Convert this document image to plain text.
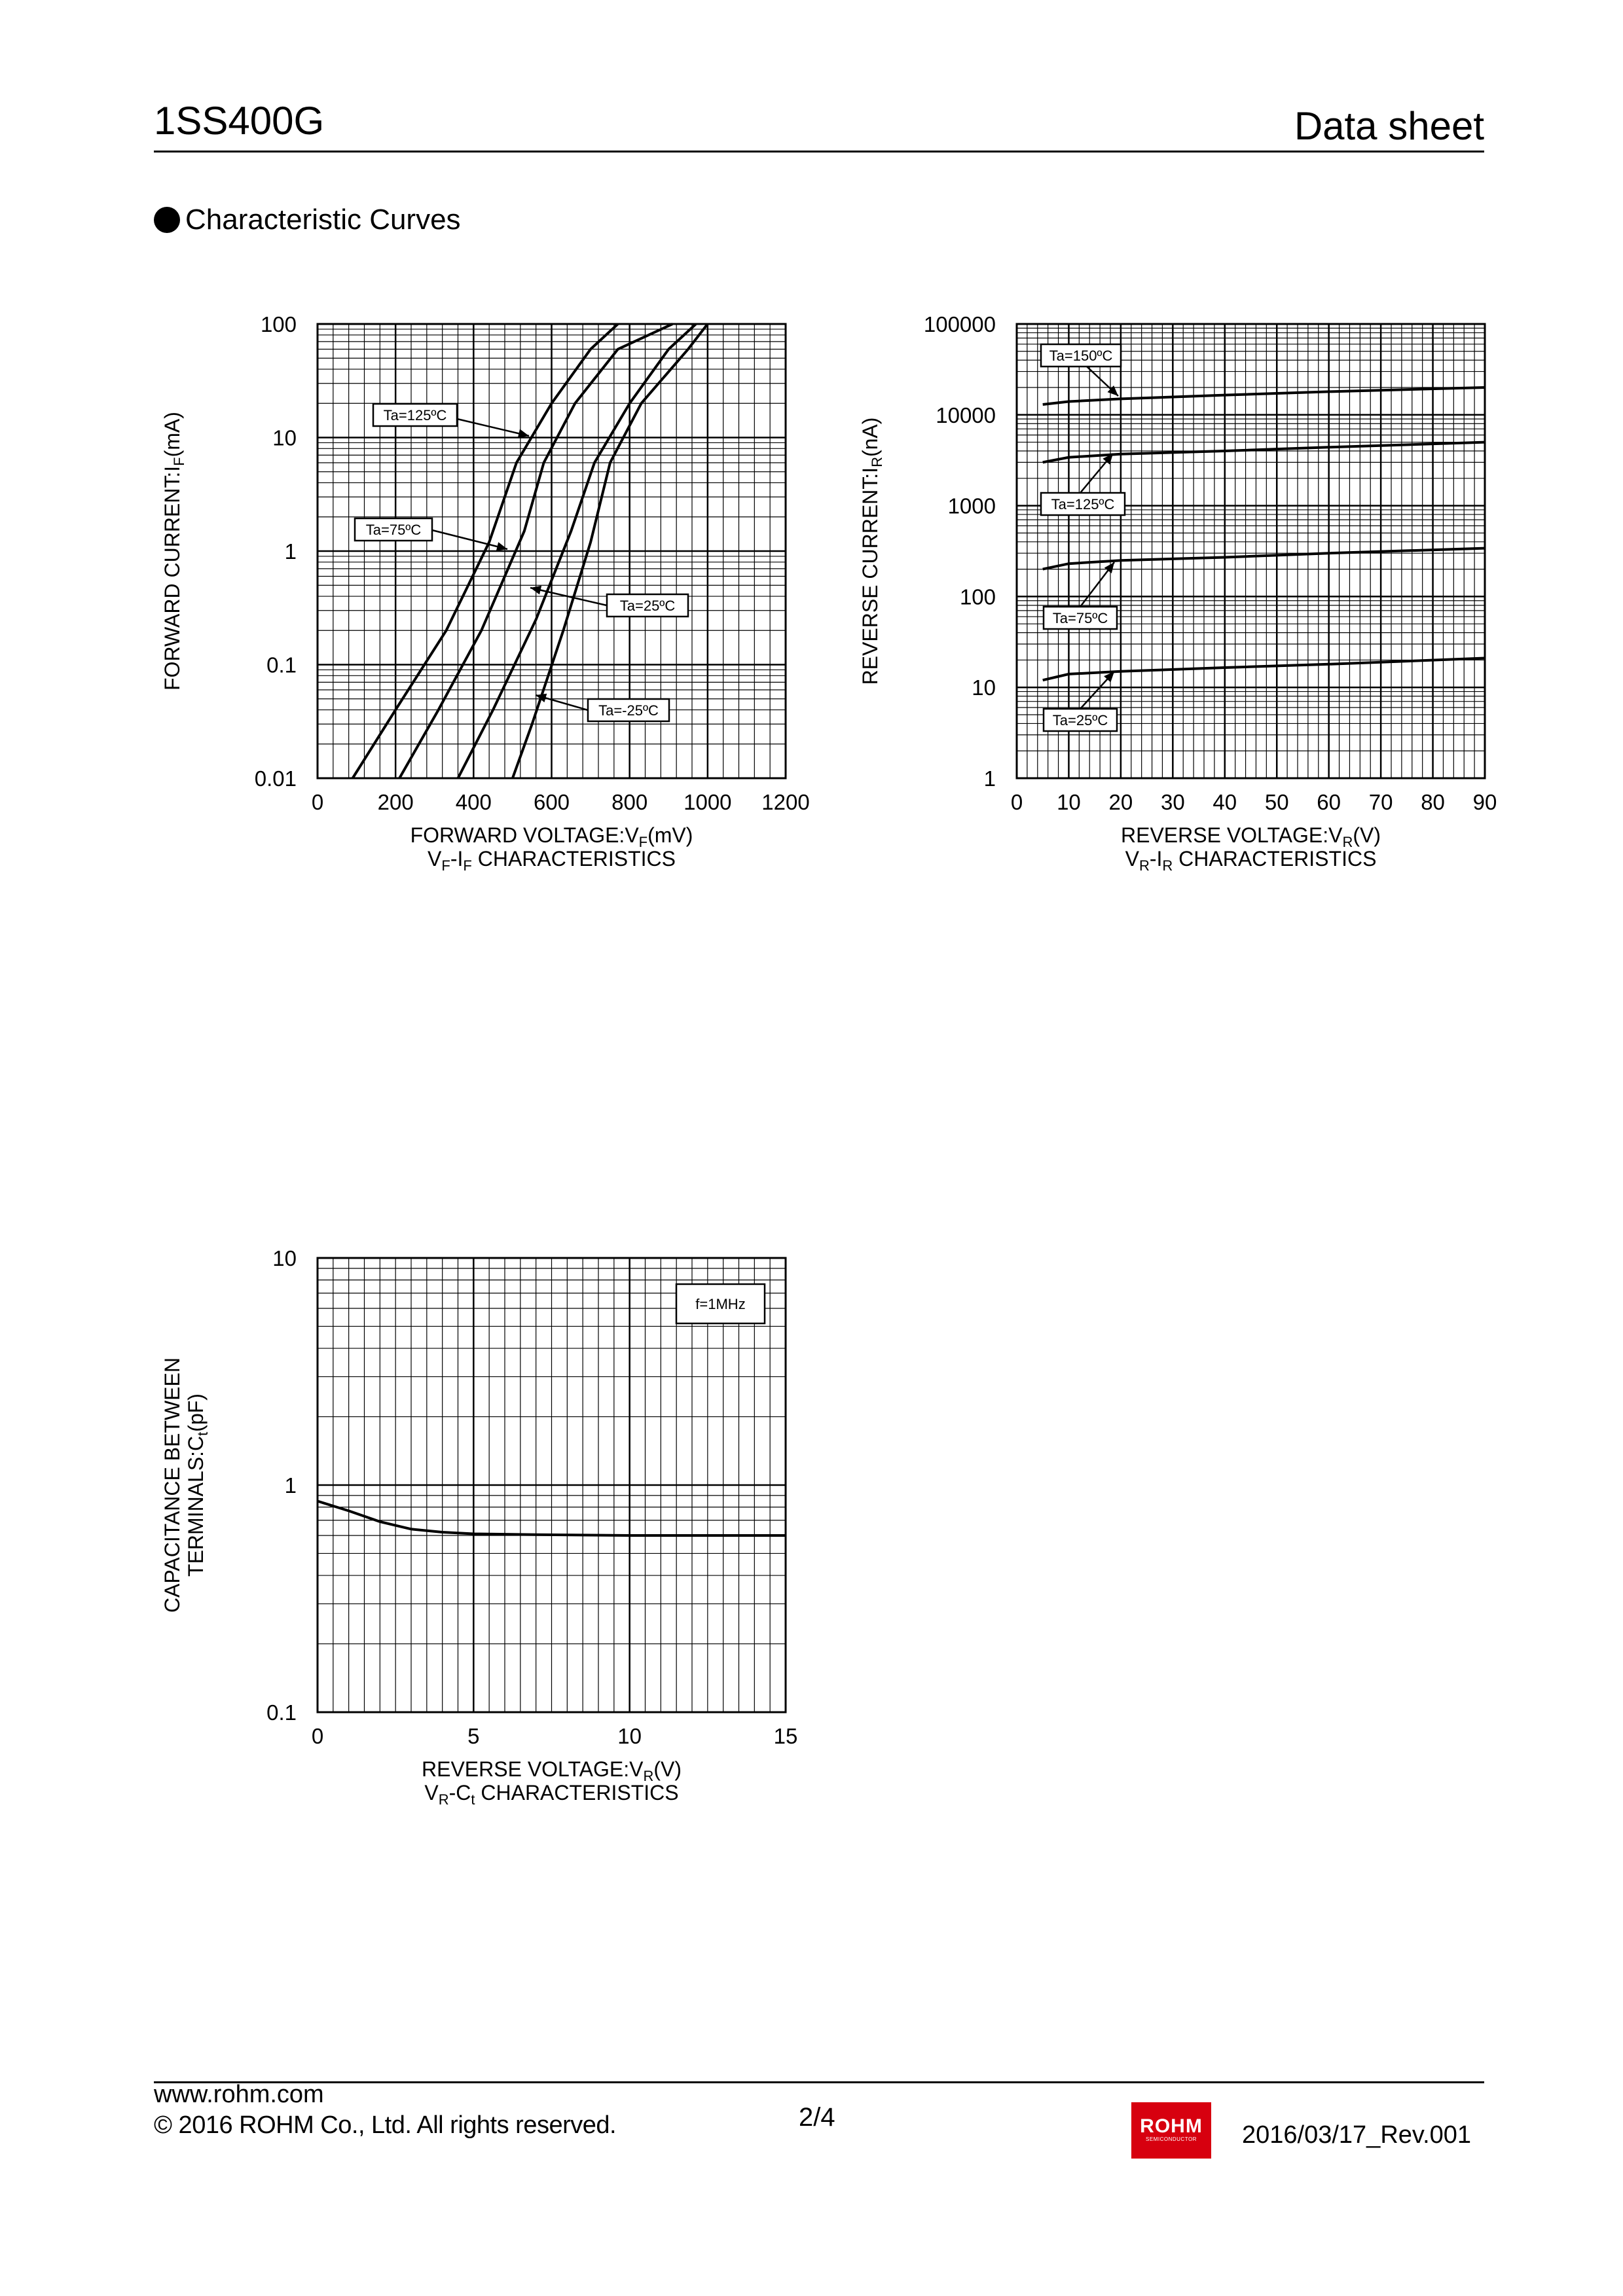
1SS400G	Data sheet
Characteristic Curves
0 200 400 600 800 1000 1200
0.01
0.1
1
10
100
FORWARD $VOLTAGE:V_F(mV)$
$V_F-I_F$ CHARACTERISTICS
FORWARD $CURRENT:I_F(mA)$	Ta=125ºC
Ta=75ºC
Ta=25ºC
Ta=-25ºC
0 10 20 30 40 50 60 70 80 90
1
10
100
1000
10000
100000
REVERSE $VOLTAGE:V_R(V)$
$V_R-I_R$ CHARACTERISTICS
REVERSE $CURRENT:I_R(nA)$
Ta=150ºC
Ta=125ºC
Ta=75ºC
Ta=25ºC
0	5	10	15
0.1
1
10
REVERSE $VOLTAGE:V_R(V)$
$V_R-C_t$ CHARACTERISTICS
CAPACITANCE BETWEEN $TERMINALS:C_t(pF)$
f=1MHz
www.rohm.com
© 2016 ROHM Co., Ltd. All rights reserved.	2/4	ROHM
SEMICONDUCTOR	2016/03/17_Rev.001
